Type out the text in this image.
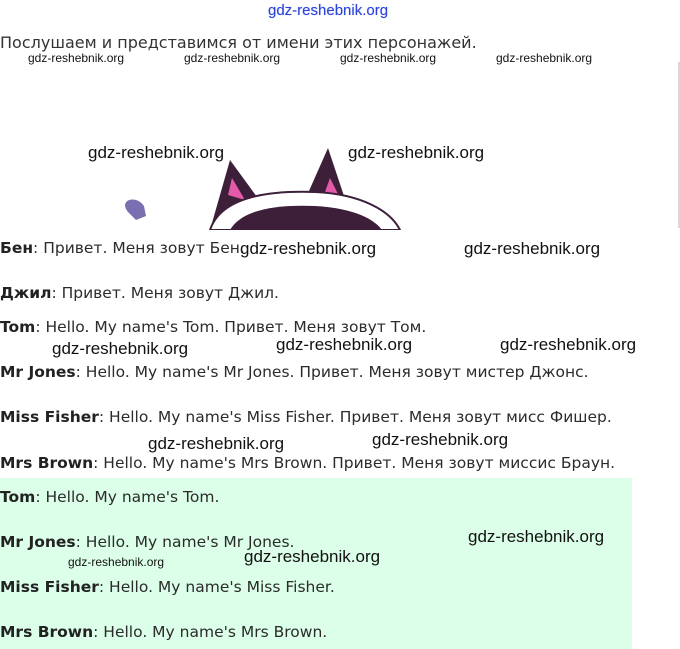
gdz-reshebnik.org
Послушаем и представимся от имени этих персонажей.
gdz-reshebnik.org	gdz-reshebnik.org	gdz-reshebnik.org	gdz-reshebnik.org
gdz-reshebnik.org	gdz-reshebnik.org
Бен: Привет. Меня зовут Бен.
gdz-reshebnik.org	gdz-reshebnik.org
Джил: Привет. Меня зовут Джил.
Tom: Hello. My name's Tom. Привет. Меня зовут Том.
gdz-reshebnik.org	gdz-reshebnik.org	gdz-reshebnik.org
Mr Jones: Hello. My name's Mr Jones. Привет. Меня зовут мистер Джонс.
Miss Fisher: Hello. My name's Miss Fisher. Привет. Меня зовут мисс Фишер.
gdz-reshebnik.org	gdz-reshebnik.org
Mrs Brown: Hello. My name's Mrs Brown. Привет. Меня зовут миссис Браун.
Tom: Hello. My name's Tom.
Mr Jones: Hello. My name's Mr Jones.	gdz-reshebnik.org
gdz-reshebnik.org
gdz-reshebnik.org
Miss Fisher: Hello. My name's Miss Fisher.
Mrs Brown: Hello. My name's Mrs Brown.
